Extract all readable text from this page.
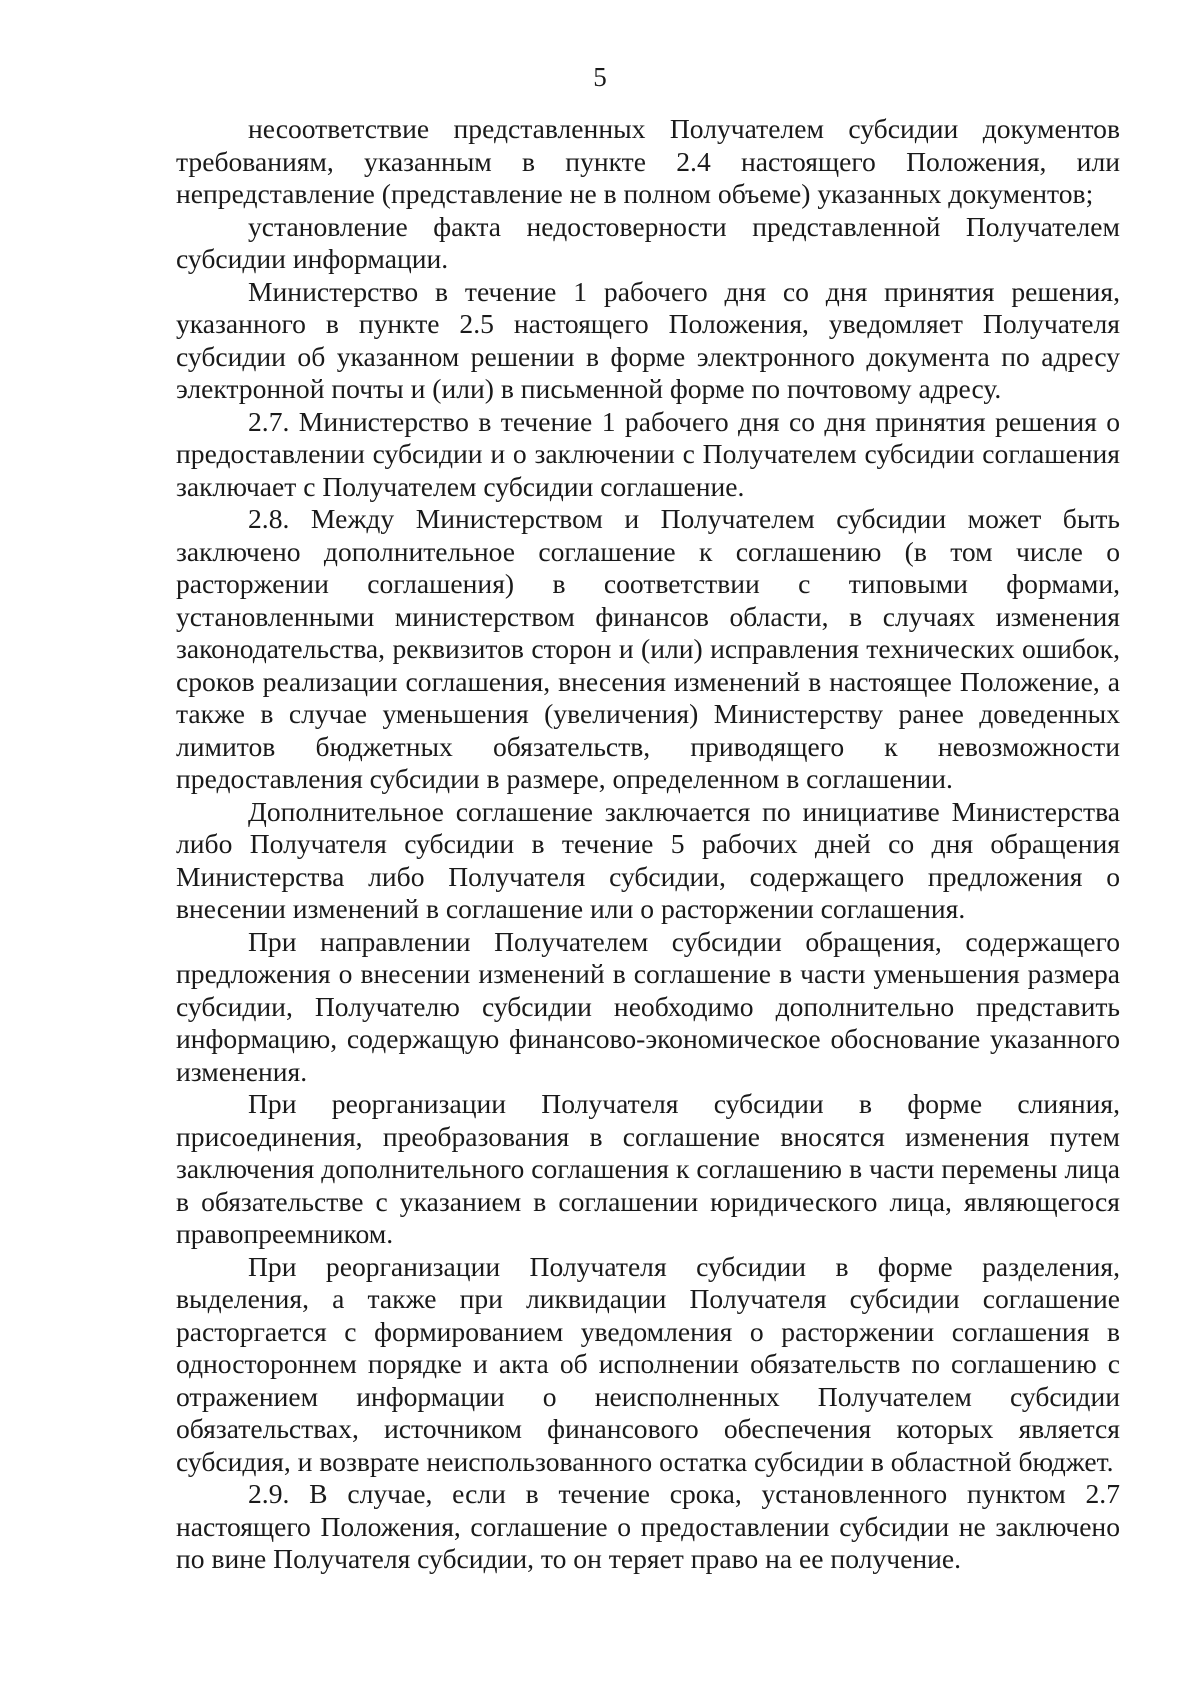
5

несоответствие представленных Получателем субсидии документов требованиям, указанным в пункте 2.4 настоящего Положения, или непредставление (представление не в полном объеме) указанных документов;

установление факта недостоверности представленной Получателем субсидии информации.

Министерство в течение 1 рабочего дня со дня принятия решения, указанного в пункте 2.5 настоящего Положения, уведомляет Получателя субсидии об указанном решении в форме электронного документа по адресу электронной почты и (или) в письменной форме по почтовому адресу.

2.7. Министерство в течение 1 рабочего дня со дня принятия решения о предоставлении субсидии и о заключении с Получателем субсидии соглашения заключает с Получателем субсидии соглашение.

2.8. Между Министерством и Получателем субсидии может быть заключено дополнительное соглашение к соглашению (в том числе о расторжении соглашения) в соответствии с типовыми формами, установленными министерством финансов области, в случаях изменения законодательства, реквизитов сторон и (или) исправления технических ошибок, сроков реализации соглашения, внесения изменений в настоящее Положение, а также в случае уменьшения (увеличения) Министерству ранее доведенных лимитов бюджетных обязательств, приводящего к невозможности предоставления субсидии в размере, определенном в соглашении.

Дополнительное соглашение заключается по инициативе Министерства либо Получателя субсидии в течение 5 рабочих дней со дня обращения Министерства либо Получателя субсидии, содержащего предложения о внесении изменений в соглашение или о расторжении соглашения.

При направлении Получателем субсидии обращения, содержащего предложения о внесении изменений в соглашение в части уменьшения размера субсидии, Получателю субсидии необходимо дополнительно представить информацию, содержащую финансово-экономическое обоснование указанного изменения.

При реорганизации Получателя субсидии в форме слияния, присоединения, преобразования в соглашение вносятся изменения путем заключения дополнительного соглашения к соглашению в части перемены лица в обязательстве с указанием в соглашении юридического лица, являющегося правопреемником.

При реорганизации Получателя субсидии в форме разделения, выделения, а также при ликвидации Получателя субсидии соглашение расторгается с формированием уведомления о расторжении соглашения в одностороннем порядке и акта об исполнении обязательств по соглашению с отражением информации о неисполненных Получателем субсидии обязательствах, источником финансового обеспечения которых является субсидия, и возврате неиспользованного остатка субсидии в областной бюджет.

2.9. В случае, если в течение срока, установленного пунктом 2.7 настоящего Положения, соглашение о предоставлении субсидии не заключено по вине Получателя субсидии, то он теряет право на ее получение.
